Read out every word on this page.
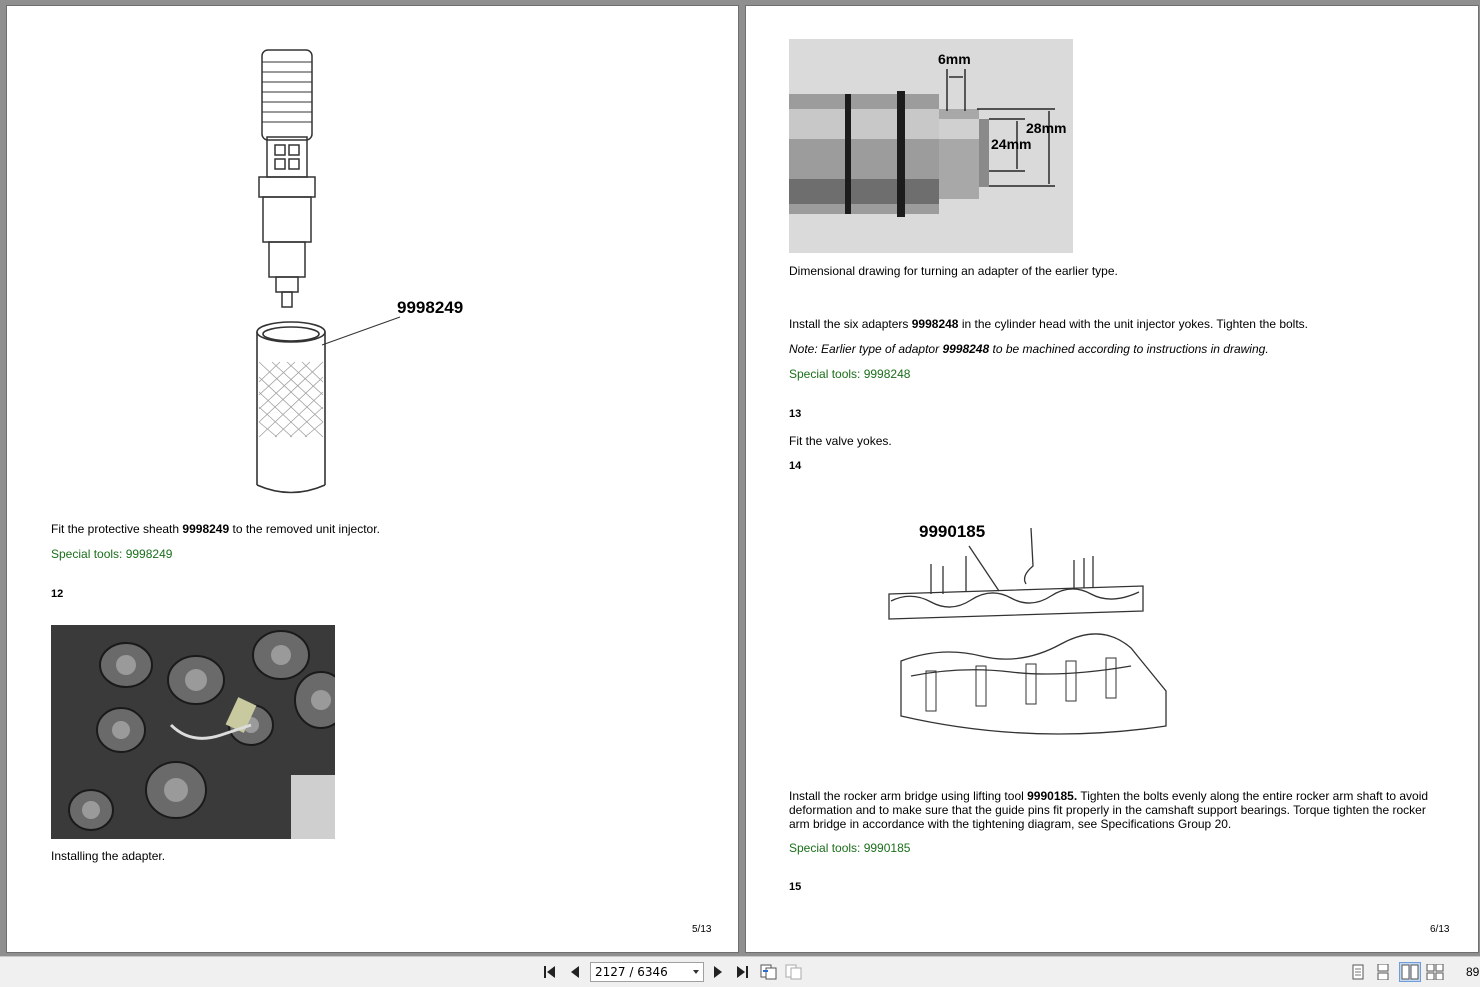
9998249
Fit the protective sheath 9998249 to the removed unit injector.
Special tools: 9998249
12
Installing the adapter.
5/13
6mm
28mm
24mm
Dimensional drawing for turning an adapter of the earlier type.
Install the six adapters 9998248 in the cylinder head with the unit injector yokes. Tighten the bolts.
Note: Earlier type of adaptor 9998248 to be machined according to instructions in drawing.
Special tools: 9998248
13
Fit the valve yokes.
14
9990185
Install the rocker arm bridge using lifting tool 9990185. Tighten the bolts evenly along the entire rocker arm shaft to avoid deformation and to make sure that the guide pins fit properly in the camshaft support bearings. Torque tighten the rocker arm bridge in accordance with the tightening diagram, see Specifications Group 20.
Special tools: 9990185
15
6/13
2127 / 6346	89
